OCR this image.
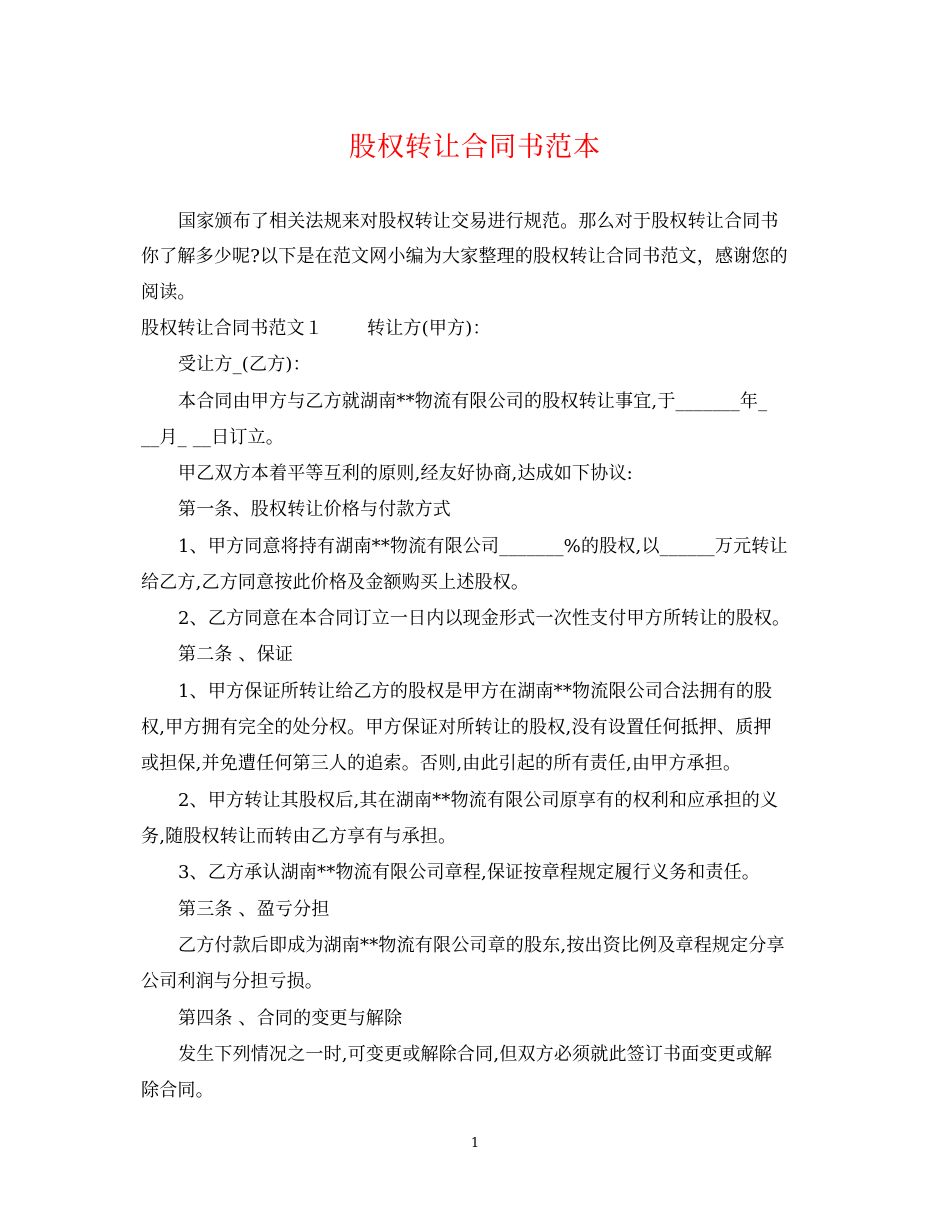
股权转让合同书范本
国家颁布了相关法规来对股权转让交易进行规范。那么对于股权转让合同书
你了解多少呢?以下是在范文网小编为大家整理的股权转让合同书范文，感谢您的
阅读。
股权转让合同书范文１ 转让方(甲方)：
受让方_(乙方)：
本合同由甲方与乙方就湖南**物流有限公司的股权转让事宜,于_______年_
__月_ __日订立。
甲乙双方本着平等互利的原则,经友好协商,达成如下协议:
第一条、股权转让价格与付款方式
1、甲方同意将持有湖南**物流有限公司_______%的股权,以______万元转让
给乙方,乙方同意按此价格及金额购买上述股权。
2、乙方同意在本合同订立一日内以现金形式一次性支付甲方所转让的股权。
第二条 、保证
1、甲方保证所转让给乙方的股权是甲方在湖南**物流限公司合法拥有的股
权,甲方拥有完全的处分权。甲方保证对所转让的股权,没有设置任何抵押、质押
或担保,并免遭任何第三人的追索。否则,由此引起的所有责任,由甲方承担。
2、甲方转让其股权后,其在湖南**物流有限公司原享有的权利和应承担的义
务,随股权转让而转由乙方享有与承担。
3、乙方承认湖南**物流有限公司章程,保证按章程规定履行义务和责任。
第三条 、盈亏分担
乙方付款后即成为湖南**物流有限公司章的股东,按出资比例及章程规定分享
公司利润与分担亏损。
第四条 、合同的变更与解除
发生下列情况之一时,可变更或解除合同,但双方必须就此签订书面变更或解
除合同。
1
